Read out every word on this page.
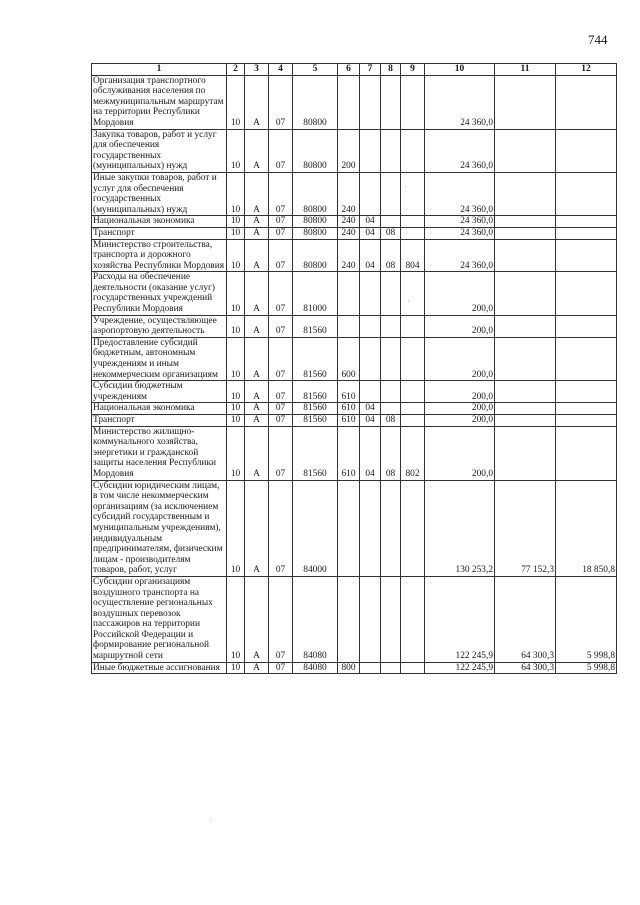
744
1	2	3	4	5	6	7	8	9	10	11	12
Организация транспортного обслуживания населения по межмуниципальным маршрутам на территории Республики Мордовия	10	А	07	80800					24 360,0		
Закупка товаров, работ и услуг для обеспечения государственных (муниципальных) нужд	10	А	07	80800	200				24 360,0		
Иные закупки товаров, работ и услуг для обеспечения государственных (муниципальных) нужд	10	А	07	80800	240				24 360,0		
Национальная экономика	10	А	07	80800	240	04			24 360,0		
Транспорт	10	А	07	80800	240	04	08		24 360,0		
Министерство строительства, транспорта и дорожного хозяйства Республики Мордовия	10	А	07	80800	240	04	08	804	24 360,0		
Расходы на обеспечение деятельности (оказание услуг) государственных учреждений Республики Мордовия	10	А	07	81000					200,0		
Учреждение, осуществляющее аэропортовую деятельность	10	А	07	81560					200,0		
Предоставление субсидий бюджетным, автономным учреждениям и иным некоммерческим организациям	10	А	07	81560	600				200,0		
Субсидии бюджетным учреждениям	10	А	07	81560	610				200,0		
Национальная экономика	10	А	07	81560	610	04			200,0		
Транспорт	10	А	07	81560	610	04	08		200,0		
Министерство жилищно-коммунального хозяйства, энергетики и гражданской защиты населения Республики Мордовия	10	А	07	81560	610	04	08	802	200,0		
Субсидии юридическим лицам, в том числе некоммерческим организациям (за исключением субсидий государственным и муниципальным учреждениям), индивидуальным предпринимателям, физическим лицам - производителям товаров, работ, услуг	10	А	07	84000					130 253,2	77 152,3	18 850,8
Субсидии организациям воздушного транспорта на осуществление региональных воздушных перевозок пассажиров на территории Российской Федерации и формирование региональной маршрутной сети	10	А	07	84080					122 245,9	64 300,3	5 998,8
Иные бюджетные ассигнования	10	А	07	84080	800				122 245,9	64 300,3	5 998,8
